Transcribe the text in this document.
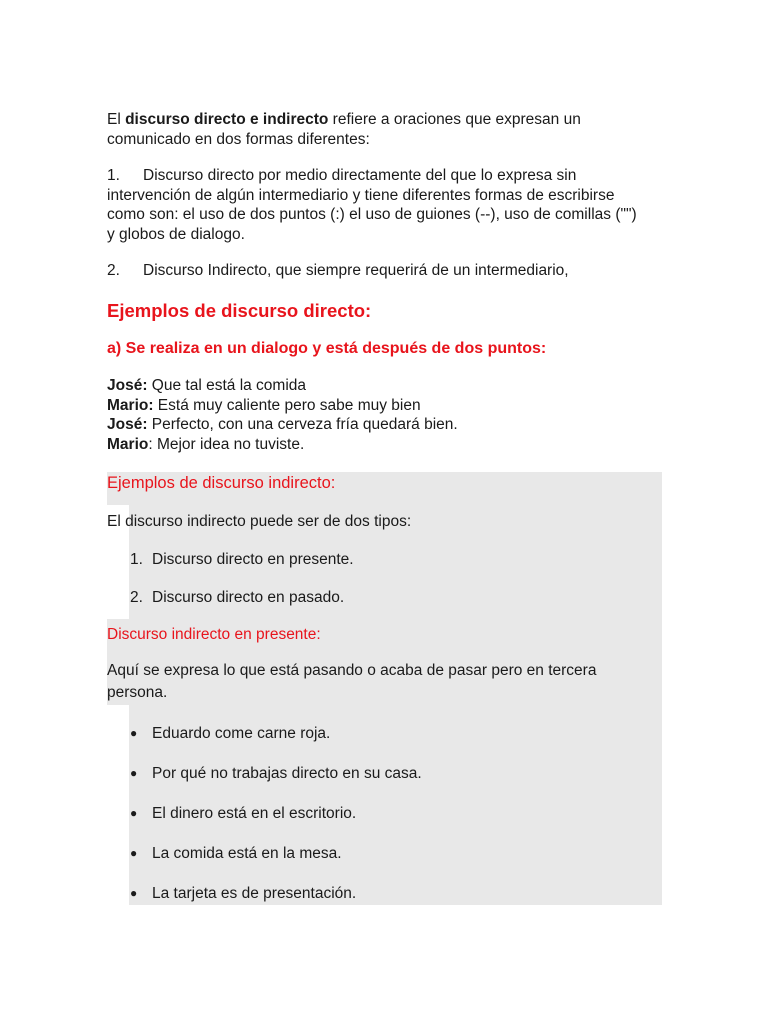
El discurso directo e indirecto refiere a oraciones que expresan un comunicado en dos formas diferentes:
1. Discurso directo por medio directamente del que lo expresa sin intervención de algún intermediario y tiene diferentes formas de escribirse como son: el uso de dos puntos (:) el uso de guiones (--), uso de comillas ("") y globos de dialogo.
2. Discurso Indirecto, que siempre requerirá de un intermediario,
Ejemplos de discurso directo:
a) Se realiza en un dialogo y está después de dos puntos:
José: Que tal está la comida
Mario: Está muy caliente pero sabe muy bien
José: Perfecto, con una cerveza fría quedará bien.
Mario: Mejor idea no tuviste.
Ejemplos de discurso indirecto:
El discurso indirecto puede ser de dos tipos:
1. Discurso directo en presente.
2. Discurso directo en pasado.
Discurso indirecto en presente:
Aquí se expresa lo que está pasando o acaba de pasar pero en tercera persona.
● Eduardo come carne roja.
● Por qué no trabajas directo en su casa.
● El dinero está en el escritorio.
● La comida está en la mesa.
● La tarjeta es de presentación.
